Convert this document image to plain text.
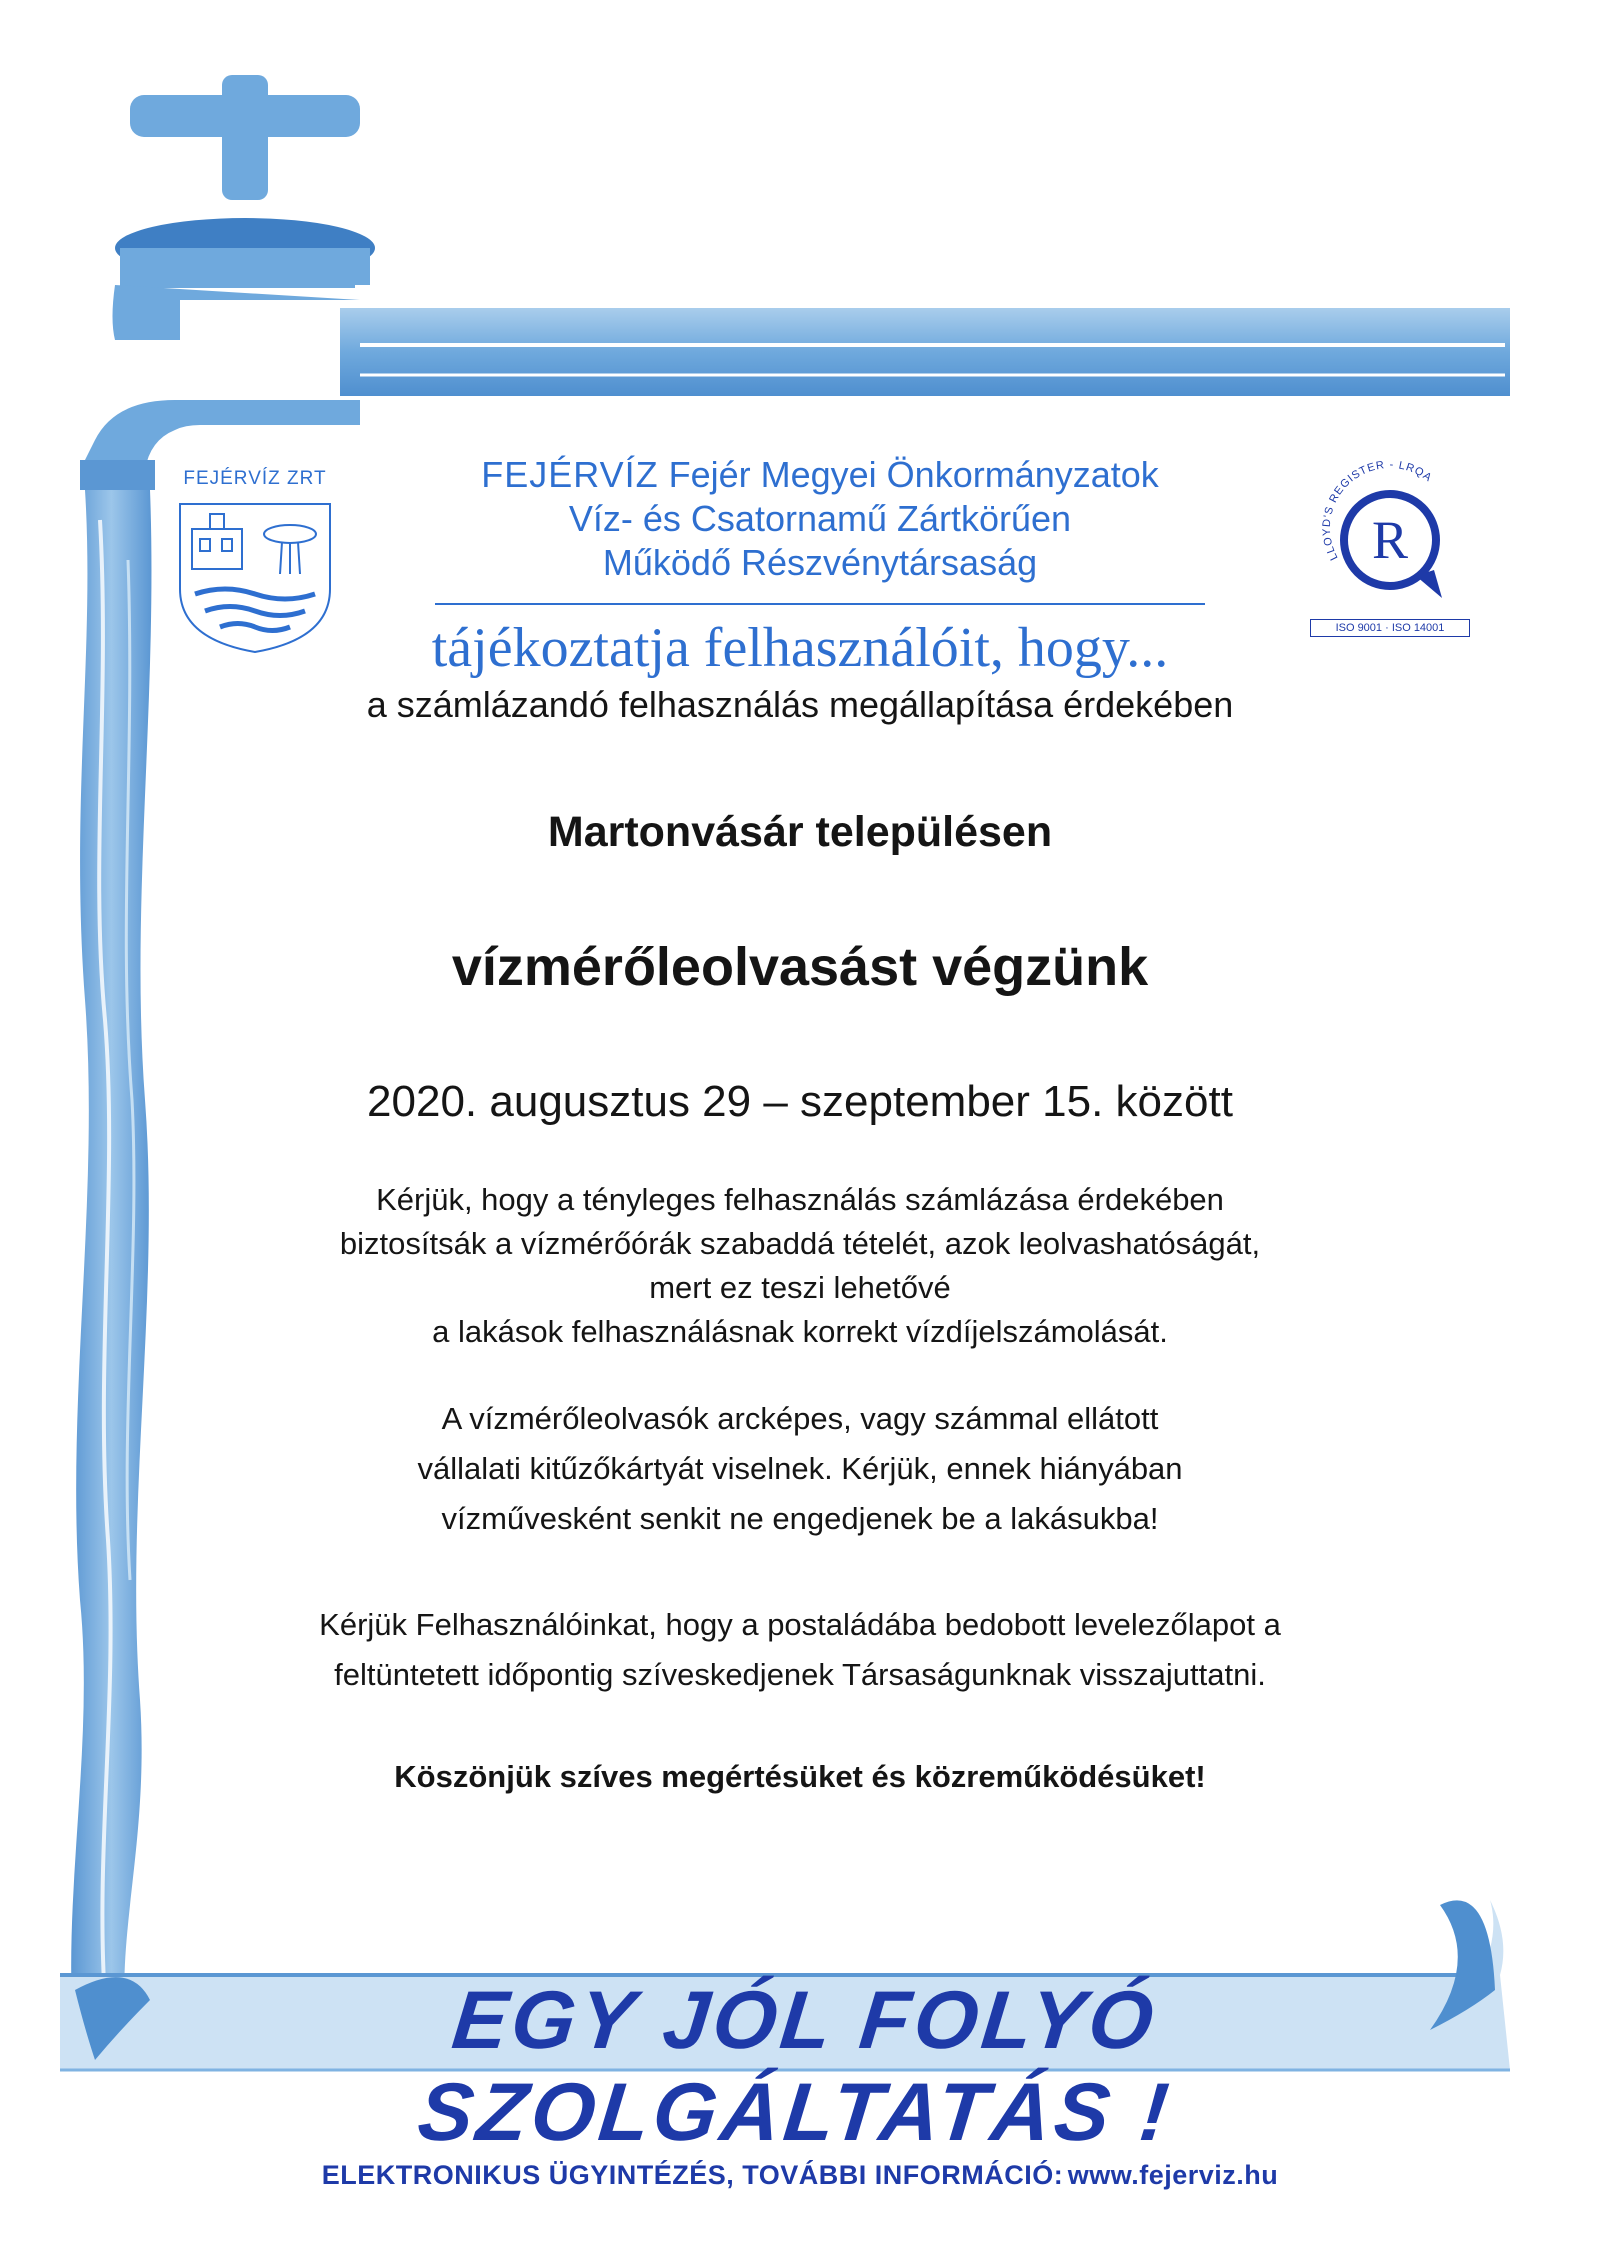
FEJÉRVÍZ ZRT	FEJÉRVÍZ Fejér Megyei Önkormányzatok
Víz- és Csatornamű Zártkörűen
Működő Részvénytársaság	R
LLOYD'S REGISTER - LRQA
ISO 9001 · ISO 14001
tájékoztatja felhasználóit, hogy...
a számlázandó felhasználás megállapítása érdekében
Martonvásár településen
vízmérőleolvasást végzünk
2020. augusztus 29 – szeptember 15. között
Kérjük, hogy a tényleges felhasználás számlázása érdekében
biztosítsák a vízmérőórák szabaddá tételét, azok leolvashatóságát,
mert ez teszi lehetővé
a lakások felhasználásnak korrekt vízdíjelszámolását.
A vízmérőleolvasók arcképes, vagy számmal ellátott
vállalati kitűzőkártyát viselnek. Kérjük, ennek hiányában
vízművesként senkit ne engedjenek be a lakásukba!
Kérjük Felhasználóinkat, hogy a postaládába bedobott levelezőlapot a
feltüntetett időpontig szíveskedjenek Társaságunknak visszajuttatni.
Köszönjük szíves megértésüket és közreműködésüket!
EGY JÓL FOLYÓ SZOLGÁLTATÁS !
ELEKTRONIKUS ÜGYINTÉZÉS, TOVÁBBI INFORMÁCIÓ: www.fejerviz.hu
